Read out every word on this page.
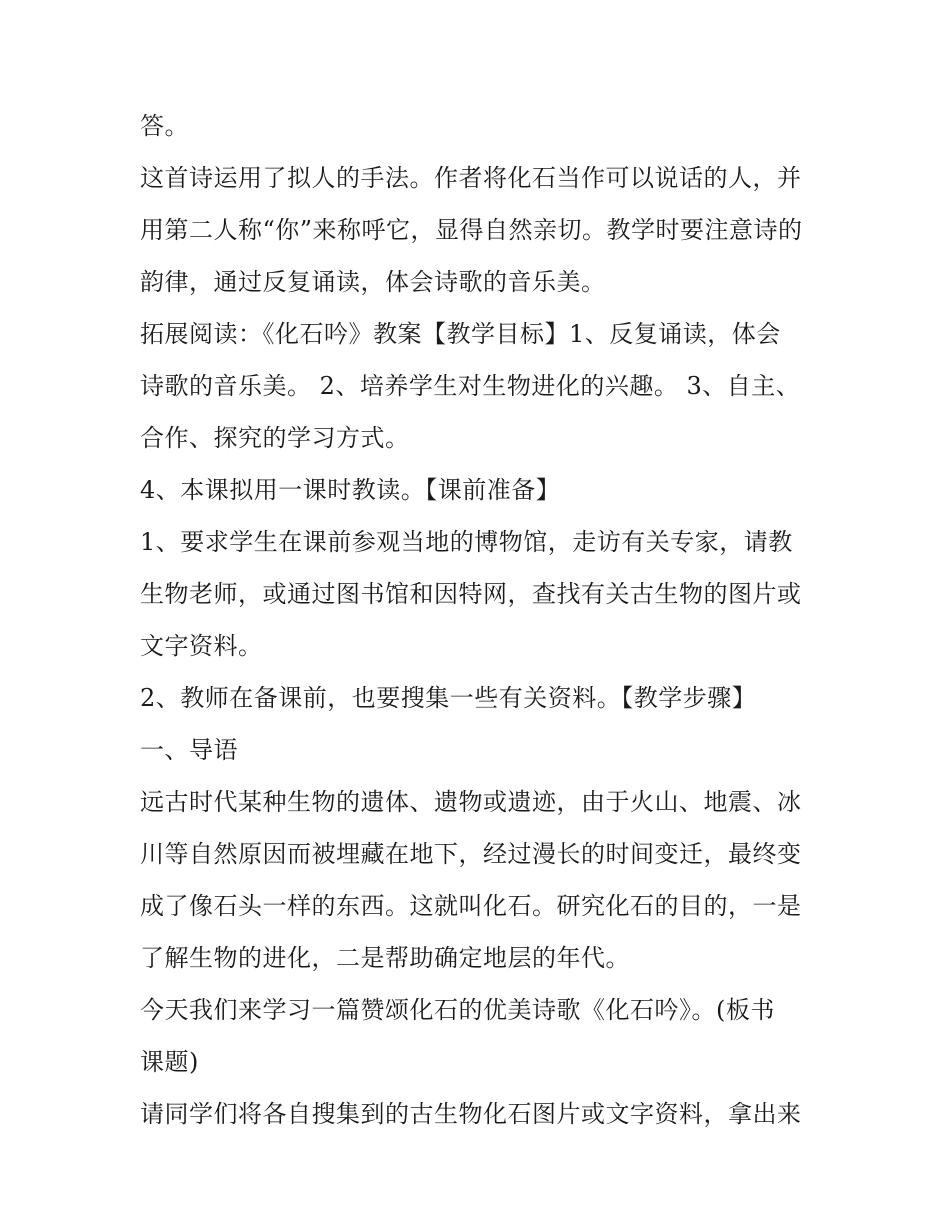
答。
这首诗运用了拟人的手法。作者将化石当作可以说话的人，并
用第二人称“你”来称呼它，显得自然亲切。教学时要注意诗的
韵律，通过反复诵读，体会诗歌的音乐美。
拓展阅读：《化石吟》教案【教学目标】1、反复诵读，体会
诗歌的音乐美。 2、培养学生对生物进化的兴趣。 3、自主、
合作、探究的学习方式。
4、本课拟用一课时教读。【课前准备】
1、要求学生在课前参观当地的博物馆，走访有关专家，请教
生物老师，或通过图书馆和因特网，查找有关古生物的图片或
文字资料。
2、教师在备课前，也要搜集一些有关资料。【教学步骤】
一、导语
远古时代某种生物的遗体、遗物或遗迹，由于火山、地震、冰
川等自然原因而被埋藏在地下，经过漫长的时间变迁，最终变
成了像石头一样的东西。这就叫化石。研究化石的目的，一是
了解生物的进化，二是帮助确定地层的年代。
今天我们来学习一篇赞颂化石的优美诗歌《化石吟》。(板书
课题)
请同学们将各自搜集到的古生物化石图片或文字资料，拿出来
